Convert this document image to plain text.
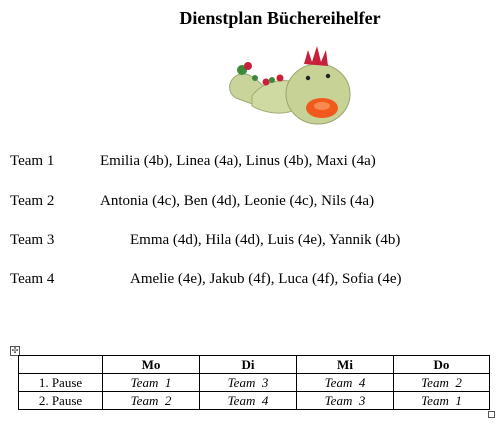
Dienstplan Büchereihelfer
Team 1	Emilia (4b), Linea (4a), Linus (4b), Maxi (4a)
Team 2	Antonia (4c), Ben (4d), Leonie (4c), Nils (4a)
Team 3	Emma (4d), Hila (4d), Luis (4e), Yannik (4b)
Team 4	Amelie (4e), Jakub (4f), Luca (4f), Sofia (4e)
✣
	Mo	Di	Mi	Do
1. Pause	Team  1	Team  3	Team  4	Team  2
2. Pause	Team  2	Team  4	Team  3	Team  1
